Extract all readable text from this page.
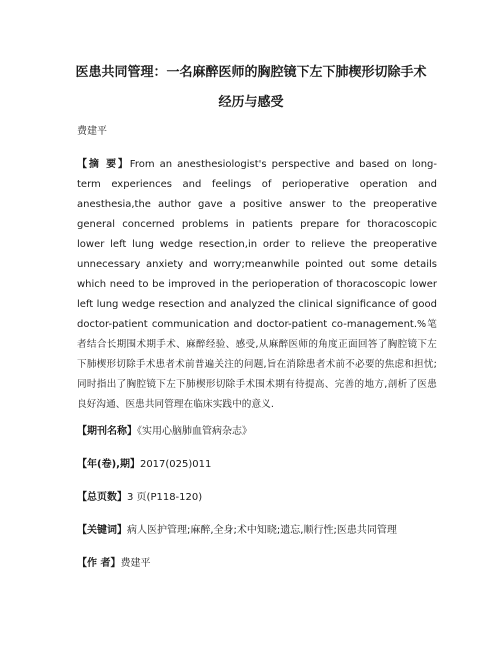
医患共同管理：一名麻醉医师的胸腔镜下左下肺楔形切除手术
经历与感受
费建平
【摘 要】From an anesthesiologist's perspective and based on long-term experiences and feelings of perioperative operation and anesthesia,the author gave a positive answer to the preoperative general concerned problems in patients prepare for thoracoscopic lower left lung wedge resection,in order to relieve the preoperative unnecessary anxiety and worry;meanwhile pointed out some details which need to be improved in the perioperation of thoracoscopic lower left lung wedge resection and analyzed the clinical significance of good doctor-patient communication and doctor-patient co-management.%笔者结合长期围术期手术、麻醉经验、感受,从麻醉医师的角度正面回答了胸腔镜下左下肺楔形切除手术患者术前普遍关注的问题,旨在消除患者术前不必要的焦虑和担忧;同时指出了胸腔镜下左下肺楔形切除手术围术期有待提高、完善的地方,剖析了医患良好沟通、医患共同管理在临床实践中的意义.
【期刊名称】《实用心脑肺血管病杂志》
【年(卷),期】2017(025)011
【总页数】3 页(P118-120)
【关键词】病人医护管理;麻醉,全身;术中知晓;遗忘,顺行性;医患共同管理
【作 者】费建平
